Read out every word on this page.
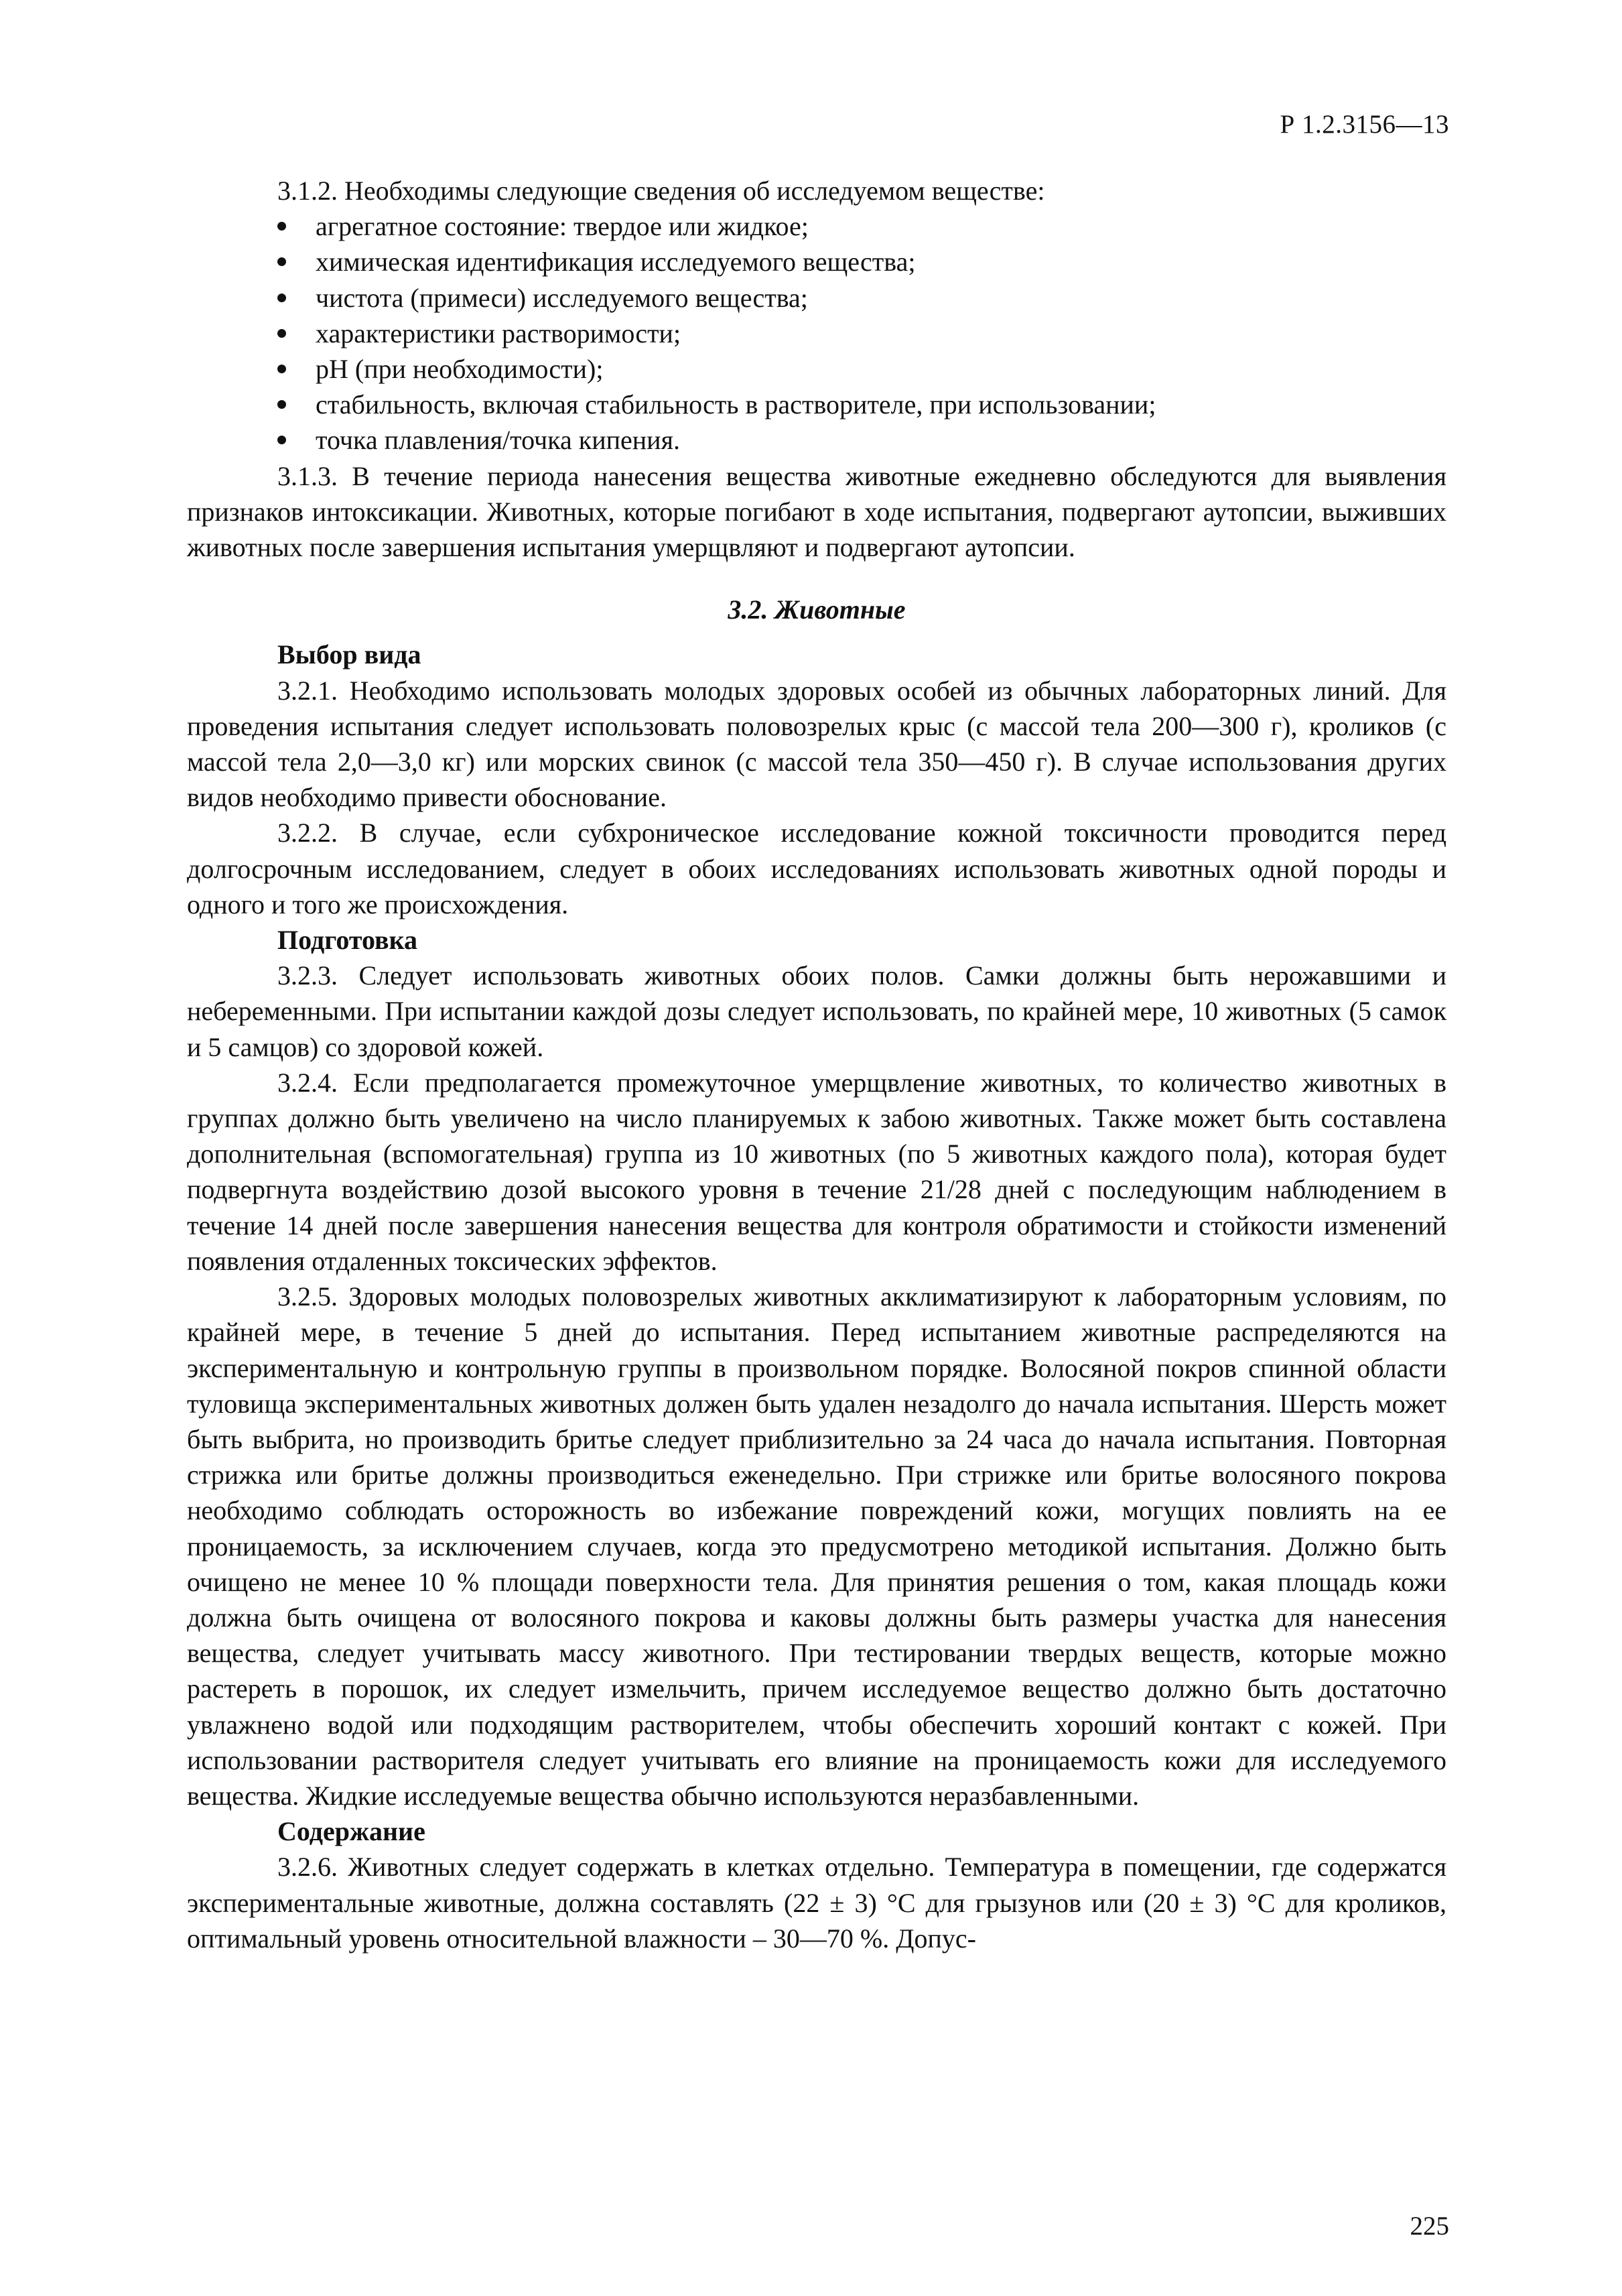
Р 1.2.3156—13

3.1.2. Необходимы следующие сведения об исследуемом веществе:

агрегатное состояние: твердое или жидкое;
химическая идентификация исследуемого вещества;
чистота (примеси) исследуемого вещества;
характеристики растворимости;
pH (при необходимости);
стабильность, включая стабильность в растворителе, при использовании;
точка плавления/точка кипения.

3.1.3. В течение периода нанесения вещества животные ежедневно обследуются для выявления признаков интоксикации. Животных, которые погибают в ходе испытания, подвергают аутопсии, выживших животных после завершения испытания умерщвляют и подвергают аутопсии.

3.2. Животные

Выбор вида

3.2.1. Необходимо использовать молодых здоровых особей из обычных лабораторных линий. Для проведения испытания следует использовать половозрелых крыс (с массой тела 200—300 г), кроликов (с массой тела 2,0—3,0 кг) или морских свинок (с массой тела 350—450 г). В случае использования других видов необходимо привести обоснование.

3.2.2. В случае, если субхроническое исследование кожной токсичности проводится перед долгосрочным исследованием, следует в обоих исследованиях использовать животных одной породы и одного и того же происхождения.

Подготовка

3.2.3. Следует использовать животных обоих полов. Самки должны быть нерожавшими и небеременными. При испытании каждой дозы следует использовать, по крайней мере, 10 животных (5 самок и 5 самцов) со здоровой кожей.

3.2.4. Если предполагается промежуточное умерщвление животных, то количество животных в группах должно быть увеличено на число планируемых к забою животных. Также может быть составлена дополнительная (вспомогательная) группа из 10 животных (по 5 животных каждого пола), которая будет подвергнута воздействию дозой высокого уровня в течение 21/28 дней с последующим наблюдением в течение 14 дней после завершения нанесения вещества для контроля обратимости и стойкости изменений появления отдаленных токсических эффектов.

3.2.5. Здоровых молодых половозрелых животных акклиматизируют к лабораторным условиям, по крайней мере, в течение 5 дней до испытания. Перед испытанием животные распределяются на экспериментальную и контрольную группы в произвольном порядке. Волосяной покров спинной области туловища экспериментальных животных должен быть удален незадолго до начала испытания. Шерсть может быть выбрита, но производить бритье следует приблизительно за 24 часа до начала испытания. Повторная стрижка или бритье должны производиться еженедельно. При стрижке или бритье волосяного покрова необходимо соблюдать осторожность во избежание повреждений кожи, могущих повлиять на ее проницаемость, за исключением случаев, когда это предусмотрено методикой испытания. Должно быть очищено не менее 10 % площади поверхности тела. Для принятия решения о том, какая площадь кожи должна быть очищена от волосяного покрова и каковы должны быть размеры участка для нанесения вещества, следует учитывать массу животного. При тестировании твердых веществ, которые можно растереть в порошок, их следует измельчить, причем исследуемое вещество должно быть достаточно увлажнено водой или подходящим растворителем, чтобы обеспечить хороший контакт с кожей. При использовании растворителя следует учитывать его влияние на проницаемость кожи для исследуемого вещества. Жидкие исследуемые вещества обычно используются неразбавленными.

Содержание

3.2.6. Животных следует содержать в клетках отдельно. Температура в помещении, где содержатся экспериментальные животные, должна составлять (22 ± 3) °С для грызунов или (20 ± 3) °С для кроликов, оптимальный уровень относительной влажности – 30—70 %. Допус-

225
